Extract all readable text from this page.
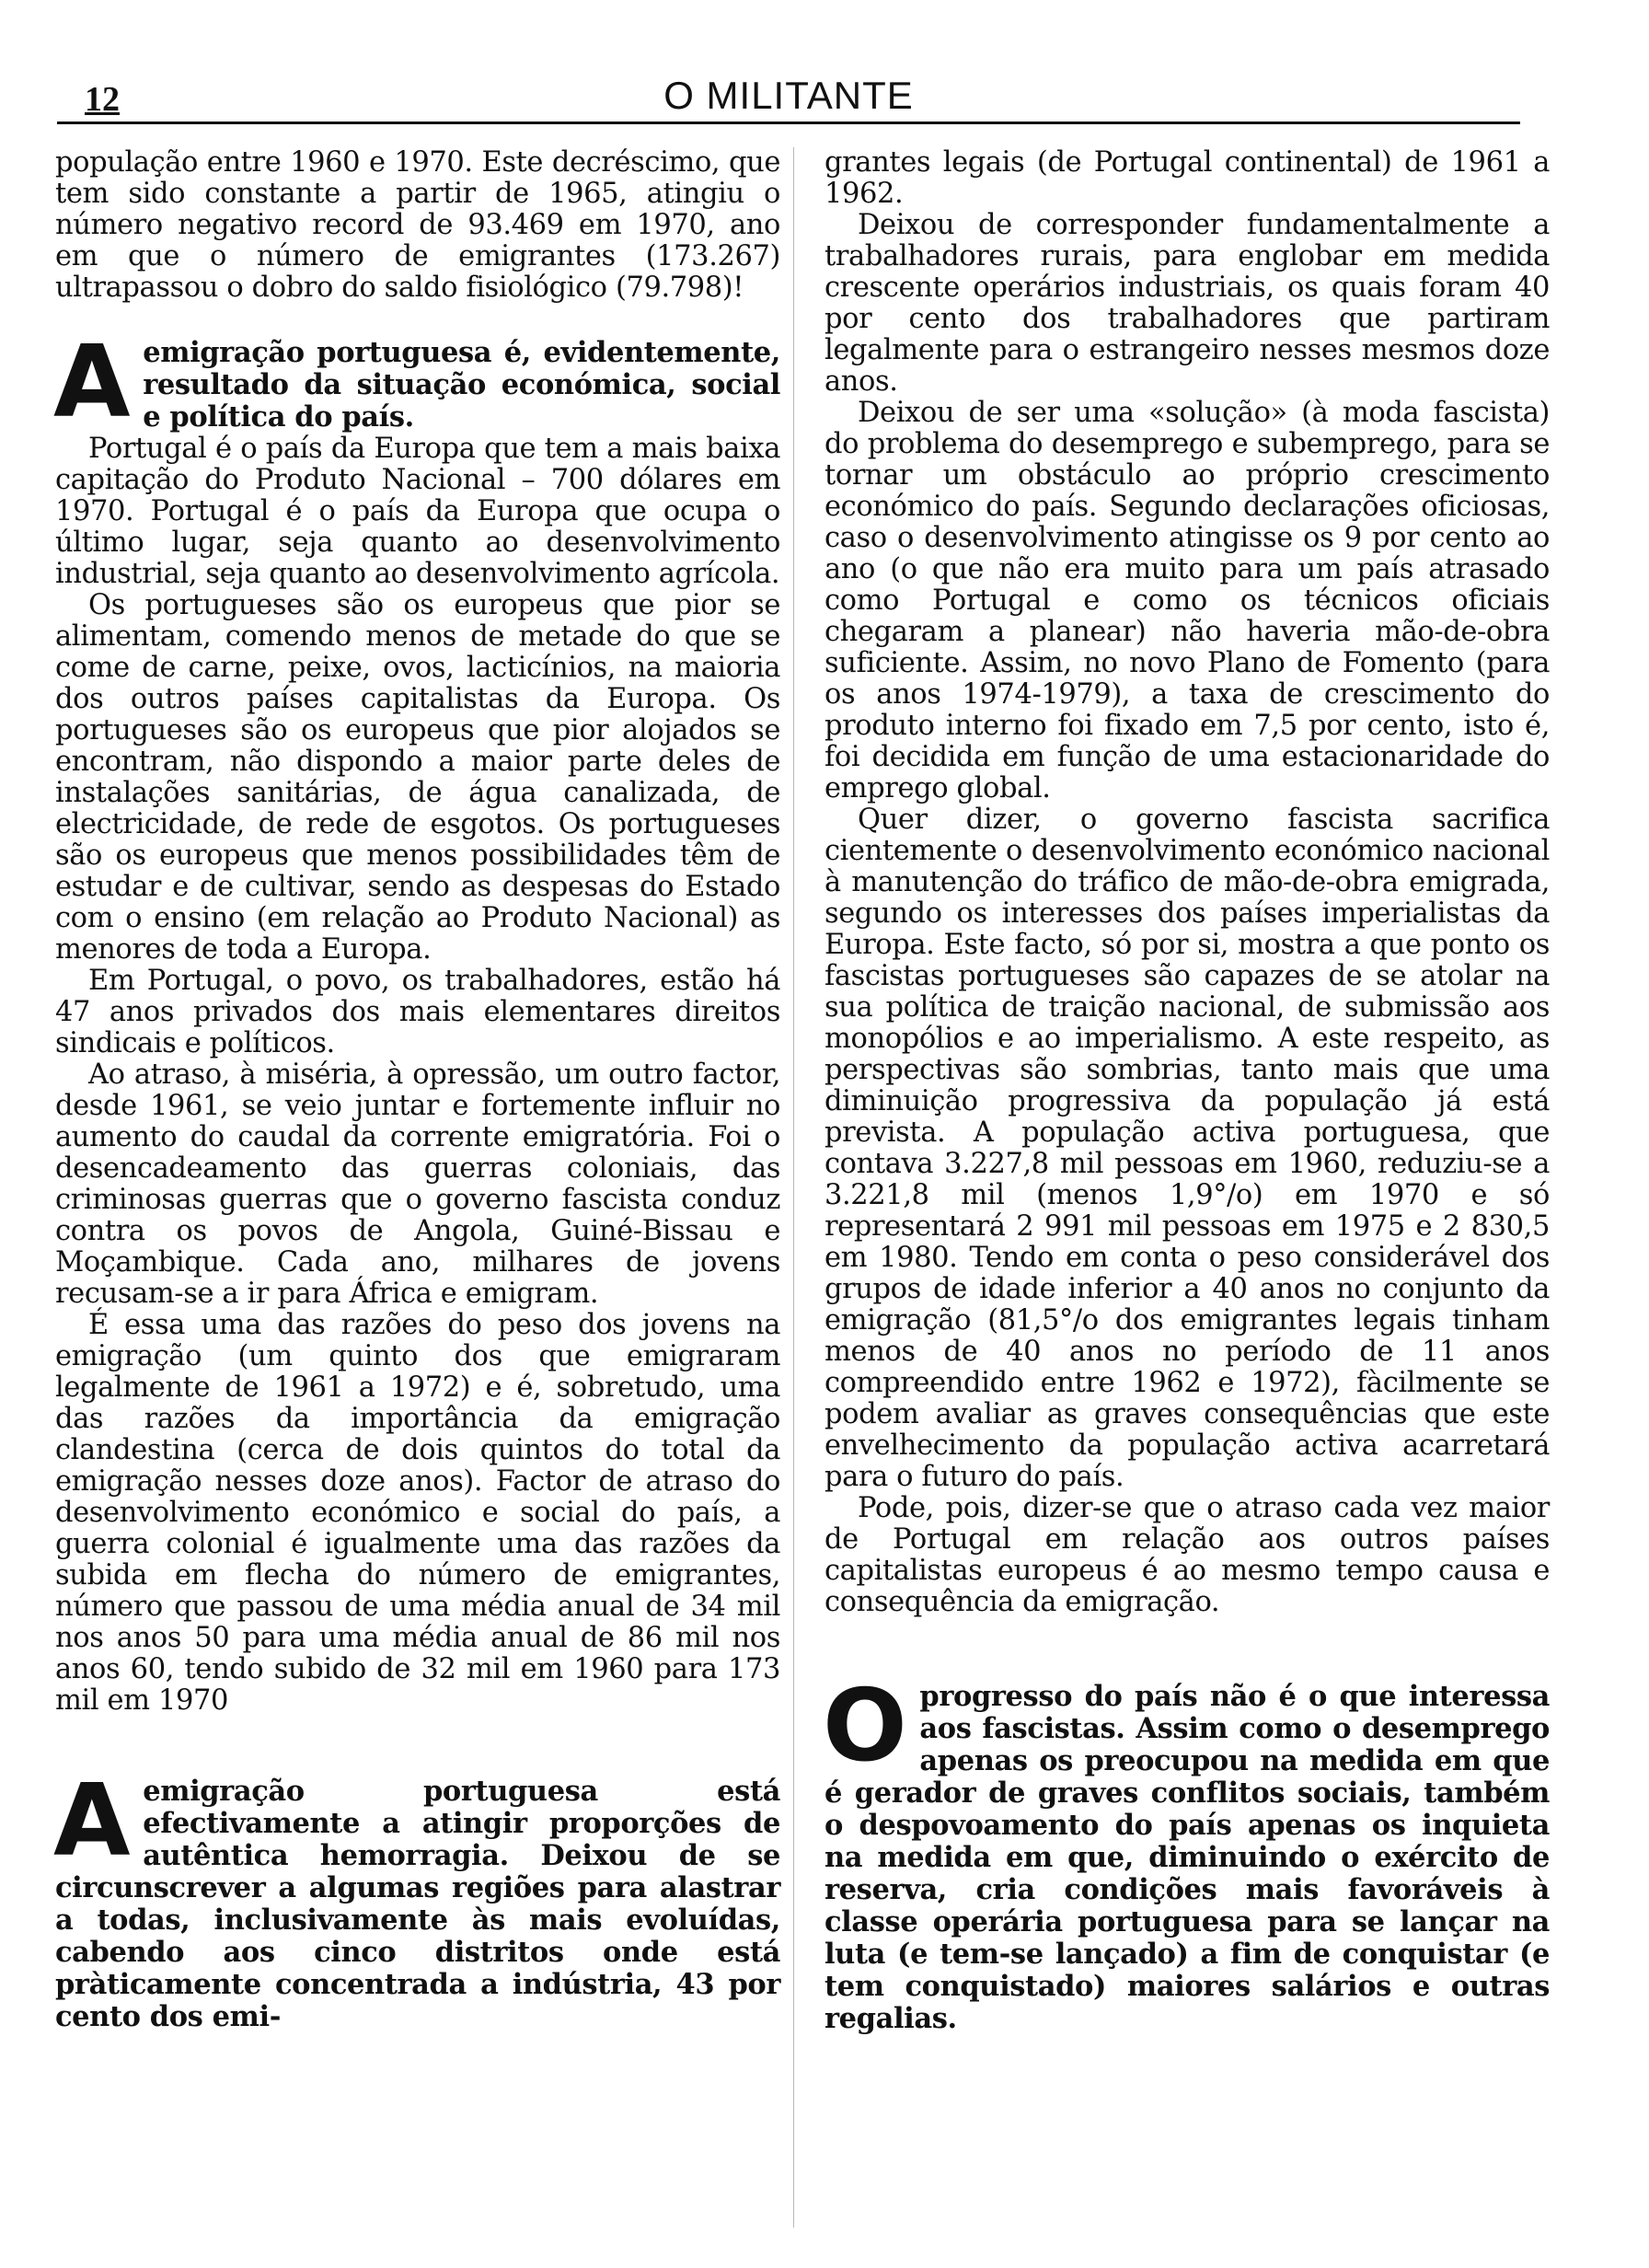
12	O MILITANTE

população entre 1960 e 1970. Este decréscimo, que tem sido constante a partir de 1965, atingiu o número negativo record de 93.469 em 1970, ano em que o número de emigrantes (173.267) ultrapassou o dobro do saldo fisiológico (79.798)!

Aemigração portuguesa é, evidentemente, resultado da situação económica, social e política do país.

Portugal é o país da Europa que tem a mais baixa capitação do Produto Nacional – 700 dólares em 1970. Portugal é o país da Europa que ocupa o último lugar, seja quanto ao desenvolvimento industrial, seja quanto ao desenvolvimento agrícola.

Os portugueses são os europeus que pior se alimentam, comendo menos de metade do que se come de carne, peixe, ovos, lacticínios, na maioria dos outros países capitalistas da Europa. Os portugueses são os europeus que pior alojados se encontram, não dispondo a maior parte deles de instalações sanitárias, de água canalizada, de electricidade, de rede de esgotos. Os portugueses são os europeus que menos possibilidades têm de estudar e de cultivar, sendo as despesas do Estado com o ensino (em relação ao Produto Nacional) as menores de toda a Europa.

Em Portugal, o povo, os trabalhadores, estão há 47 anos privados dos mais elementares direitos sindicais e políticos.

Ao atraso, à miséria, à opressão, um outro factor, desde 1961, se veio juntar e fortemente influir no aumento do caudal da corrente emigratória. Foi o desencadeamento das guerras coloniais, das criminosas guerras que o governo fascista conduz contra os povos de Angola, Guiné-Bissau e Moçambique. Cada ano, milhares de jovens recusam-se a ir para África e emigram.

É essa uma das razões do peso dos jovens na emigração (um quinto dos que emigraram legalmente de 1961 a 1972) e é, sobretudo, uma das razões da importância da emigração clandestina (cerca de dois quintos do total da emigração nesses doze anos). Factor de atraso do desenvolvimento económico e social do país, a guerra colonial é igualmente uma das razões da subida em flecha do número de emigrantes, número que passou de uma média anual de 34 mil nos anos 50 para uma média anual de 86 mil nos anos 60, tendo subido de 32 mil em 1960 para 173 mil em 1970

Aemigração portuguesa está efectivamente a atingir proporções de autêntica hemorragia. Deixou de se circunscrever a algumas regiões para alastrar a todas, inclusivamente às mais evoluídas, cabendo aos cinco distritos onde está pràticamente concentrada a indústria, 43 por cento dos emi-

grantes legais (de Portugal continental) de 1961 a 1962.

Deixou de corresponder fundamentalmente a trabalhadores rurais, para englobar em medida crescente operários industriais, os quais foram 40 por cento dos trabalhadores que partiram legalmente para o estrangeiro nesses mesmos doze anos.

Deixou de ser uma «solução» (à moda fascista) do problema do desemprego e subemprego, para se tornar um obstáculo ao próprio crescimento económico do país. Segundo declarações oficiosas, caso o desenvolvimento atingisse os 9 por cento ao ano (o que não era muito para um país atrasado como Portugal e como os técnicos oficiais chegaram a planear) não haveria mão-de-obra suficiente. Assim, no novo Plano de Fomento (para os anos 1974-1979), a taxa de crescimento do produto interno foi fixado em 7,5 por cento, isto é, foi decidida em função de uma estacionaridade do emprego global.

Quer dizer, o governo fascista sacrifica cientemente o desenvolvimento económico nacional à manutenção do tráfico de mão-de-obra emigrada, segundo os interesses dos países imperialistas da Europa. Este facto, só por si, mostra a que ponto os fascistas portugueses são capazes de se atolar na sua política de traição nacional, de submissão aos monopólios e ao imperialismo. A este respeito, as perspectivas são sombrias, tanto mais que uma diminuição progressiva da população já está prevista. A população activa portuguesa, que contava 3.227,8 mil pessoas em 1960, reduziu-se a 3.221,8 mil (menos 1,9°/o) em 1970 e só representará 2 991 mil pessoas em 1975 e 2 830,5 em 1980. Tendo em conta o peso considerável dos grupos de idade inferior a 40 anos no conjunto da emigração (81,5°/o dos emigrantes legais tinham menos de 40 anos no período de 11 anos compreendido entre 1962 e 1972), fàcilmente se podem avaliar as graves consequências que este envelhecimento da população activa acarretará para o futuro do país.

Pode, pois, dizer-se que o atraso cada vez maior de Portugal em relação aos outros países capitalistas europeus é ao mesmo tempo causa e consequência da emigração.

Oprogresso do país não é o que interessa aos fascistas. Assim como o desemprego apenas os preocupou na medida em que é gerador de graves conflitos sociais, também o despovoamento do país apenas os inquieta na medida em que, diminuindo o exército de reserva, cria condições mais favoráveis à classe operária portuguesa para se lançar na luta (e tem-se lançado) a fim de conquistar (e tem conquistado) maiores salários e outras regalias.
